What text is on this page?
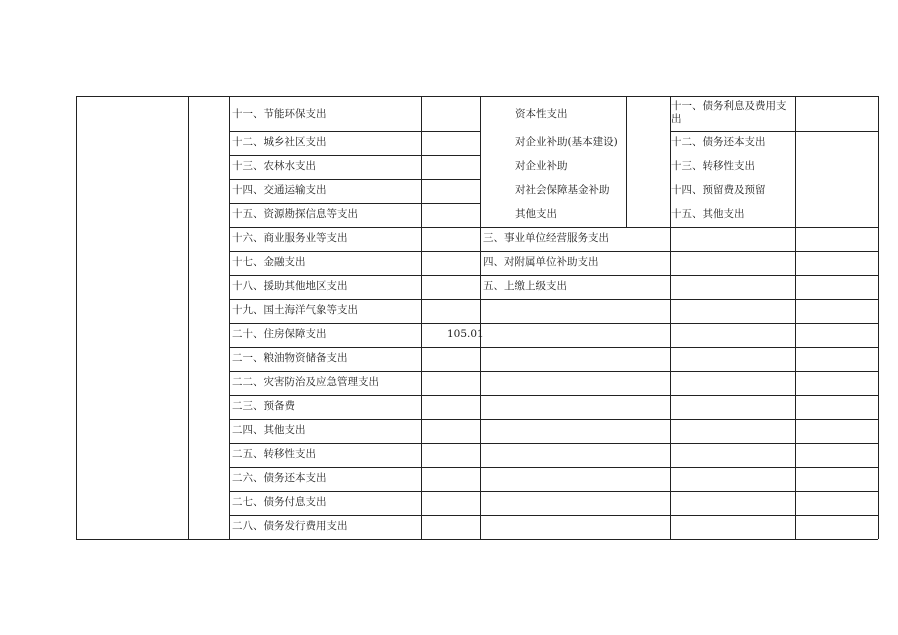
十一、节能环保支出
十二、城乡社区支出
十三、农林水支出
十四、交通运输支出
十五、资源勘探信息等支出
十六、商业服务业等支出
十七、金融支出
十八、援助其他地区支出
十九、国土海洋气象等支出
二十、住房保障支出
二一、粮油物资储备支出
二二、灾害防治及应急管理支出
二三、预备费
二四、其他支出
二五、转移性支出
二六、债务还本支出
二七、债务付息支出
二八、债务发行费用支出
105.01
资本性支出
对企业补助(基本建设)
对企业补助
对社会保障基金补助
其他支出
三、事业单位经营服务支出
四、对附属单位补助支出
五、上缴上级支出
十一、债务利息及费用支出
十二、债务还本支出
十三、转移性支出
十四、预留费及预留
十五、其他支出
